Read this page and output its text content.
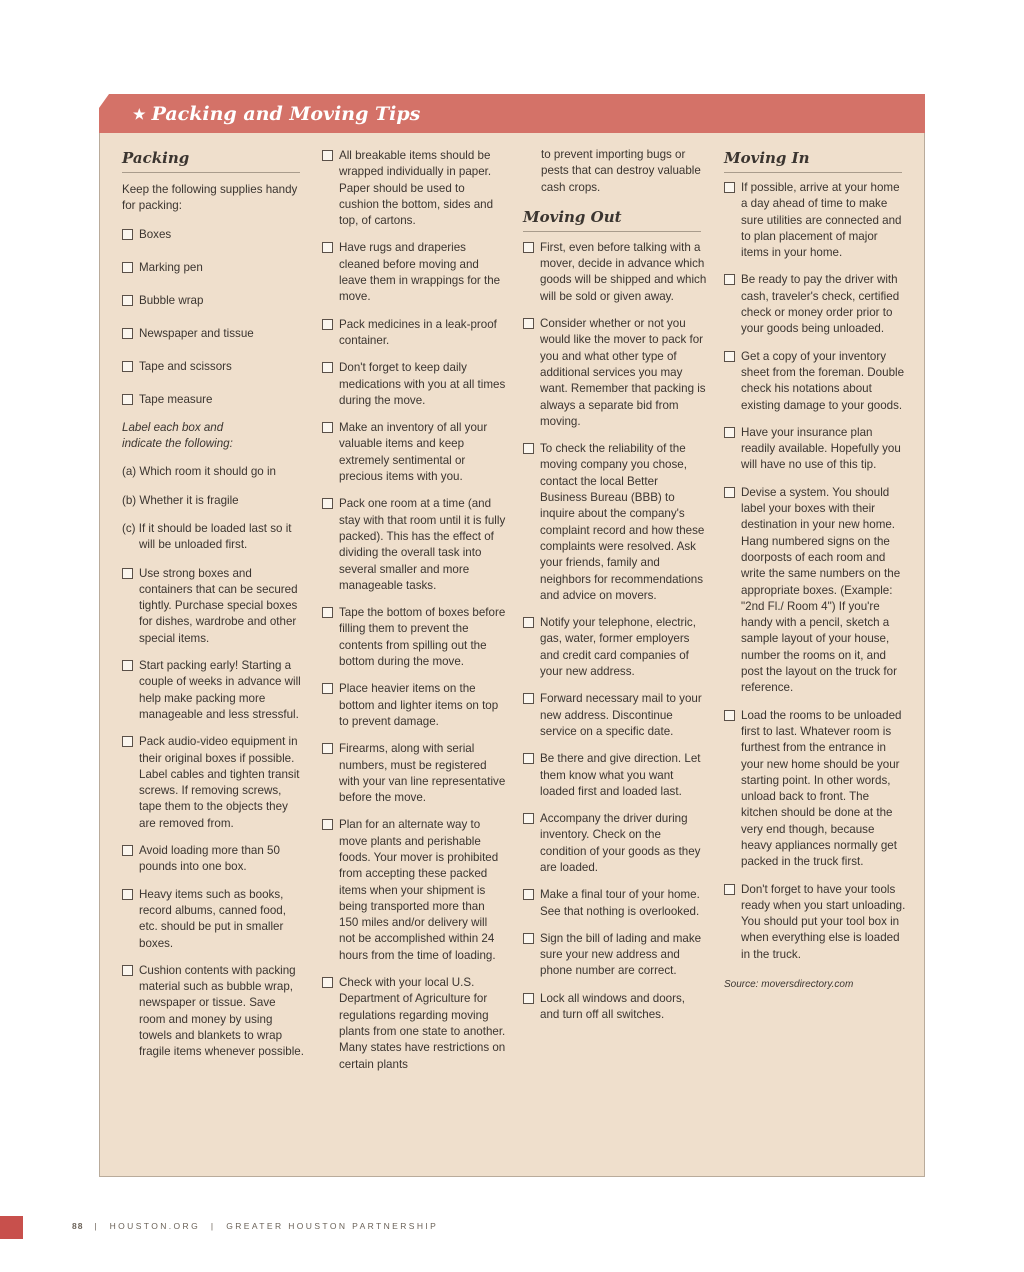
★ Packing and Moving Tips
Packing

Keep the following supplies handy for packing:

Boxes
Marking pen
Bubble wrap
Newspaper and tissue
Tape and scissors
Tape measure

Label each box and indicate the following:

(a) Which room it should go in

(b) Whether it is fragile

(c) If it should be loaded last so it will be unloaded first.

Use strong boxes and containers that can be secured tightly. Purchase special boxes for dishes, wardrobe and other special items.
Start packing early! Starting a couple of weeks in advance will help make packing more manageable and less stressful.
Pack audio-video equipment in their original boxes if possible. Label cables and tighten transit screws. If removing screws, tape them to the objects they are removed from.
Avoid loading more than 50 pounds into one box.
Heavy items such as books, record albums, canned food, etc. should be put in smaller boxes.
Cushion contents with packing material such as bubble wrap, newspaper or tissue. Save room and money by using towels and blankets to wrap fragile items whenever possible.
All breakable items should be wrapped individually in paper. Paper should be used to cushion the bottom, sides and top, of cartons.
Have rugs and draperies cleaned before moving and leave them in wrappings for the move.
Pack medicines in a leak-proof container.
Don't forget to keep daily medications with you at all times during the move.
Make an inventory of all your valuable items and keep extremely sentimental or precious items with you.
Pack one room at a time (and stay with that room until it is fully packed). This has the effect of dividing the overall task into several smaller and more manageable tasks.
Tape the bottom of boxes before filling them to prevent the contents from spilling out the bottom during the move.
Place heavier items on the bottom and lighter items on top to prevent damage.
Firearms, along with serial numbers, must be registered with your van line representative before the move.
Plan for an alternate way to move plants and perishable foods. Your mover is prohibited from accepting these packed items when your shipment is being transported more than 150 miles and/or delivery will not be accomplished within 24 hours from the time of loading.
Check with your local U.S. Department of Agriculture for regulations regarding moving plants from one state to another. Many states have restrictions on certain plants

to prevent importing bugs or pests that can destroy valuable cash crops.

Moving Out
First, even before talking with a mover, decide in advance which goods will be shipped and which will be sold or given away.
Consider whether or not you would like the mover to pack for you and what other type of additional services you may want. Remember that packing is always a separate bid from moving.
To check the reliability of the moving company you chose, contact the local Better Business Bureau (BBB) to inquire about the company's complaint record and how these complaints were resolved. Ask your friends, family and neighbors for recommendations and advice on movers.
Notify your telephone, electric, gas, water, former employers and credit card companies of your new address.
Forward necessary mail to your new address. Discontinue service on a specific date.
Be there and give direction. Let them know what you want loaded first and loaded last.
Accompany the driver during inventory. Check on the condition of your goods as they are loaded.
Make a final tour of your home. See that nothing is overlooked.
Sign the bill of lading and make sure your new address and phone number are correct.
Lock all windows and doors, and turn off all switches.
Moving In
If possible, arrive at your home a day ahead of time to make sure utilities are connected and to plan placement of major items in your home.
Be ready to pay the driver with cash, traveler's check, certified check or money order prior to your goods being unloaded.
Get a copy of your inventory sheet from the foreman. Double check his notations about existing damage to your goods.
Have your insurance plan readily available. Hopefully you will have no use of this tip.
Devise a system. You should label your boxes with their destination in your new home. Hang numbered signs on the doorposts of each room and write the same numbers on the appropriate boxes. (Example: "2nd Fl./ Room 4") If you're handy with a pencil, sketch a sample layout of your house, number the rooms on it, and post the layout on the truck for reference.
Load the rooms to be unloaded first to last. Whatever room is furthest from the entrance in your new home should be your starting point. In other words, unload back to front. The kitchen should be done at the very end though, because heavy appliances normally get packed in the truck first.
Don't forget to have your tools ready when you start unloading. You should put your tool box in when everything else is loaded in the truck.

Source: moversdirectory.com

88 | HOUSTON.ORG | GREATER HOUSTON PARTNERSHIP
